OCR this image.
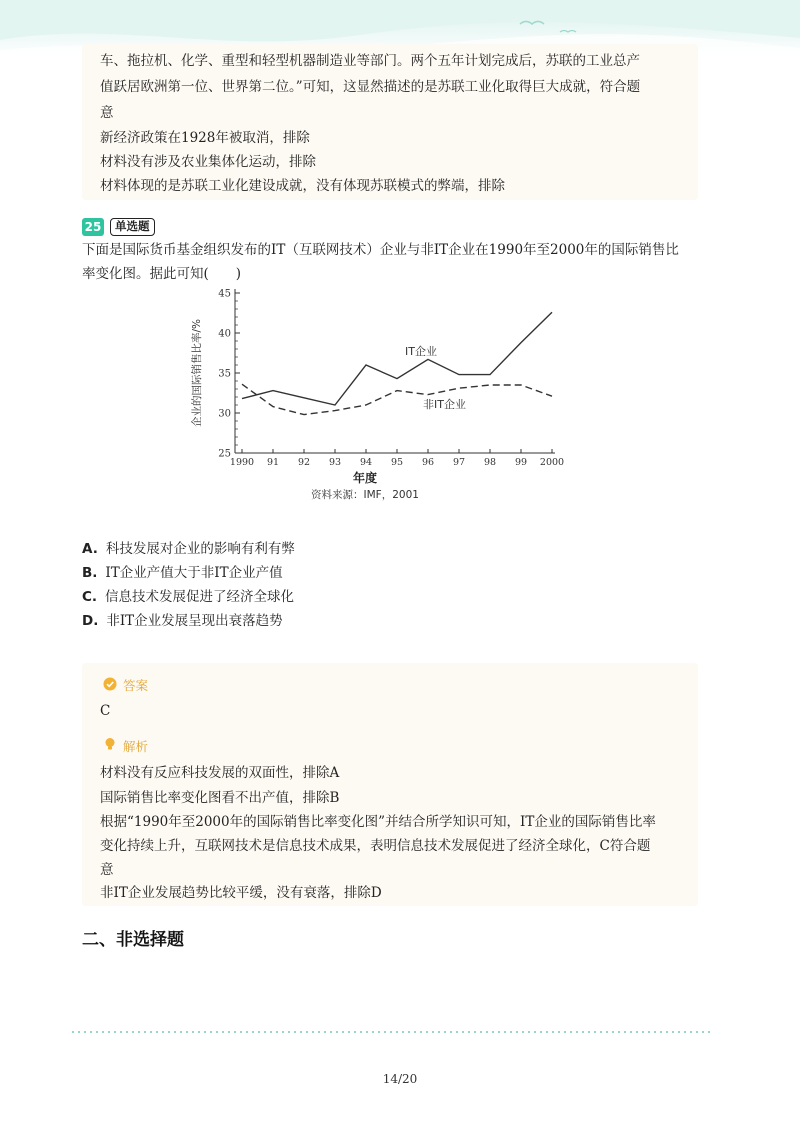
车、拖拉机、化学、重型和轻型机器制造业等部门。两个五年计划完成后，苏联的工业总产
值跃居欧洲第一位、世界第二位。”可知，这显然描述的是苏联工业化取得巨大成就，符合题
意
新经济政策在1928年被取消，排除
材料没有涉及农业集体化运动，排除
材料体现的是苏联工业化建设成就，没有体现苏联模式的弊端，排除
25	单选题
下面是国际货币基金组织发布的IT（互联网技术）企业与非IT企业在1990年至2000年的国际销售比
率变化图。据此可知(　　)
25
30
35
40
45
1990 91 92 93 94 95 96 97 98 99 2000
IT企业
非IT企业
企业的国际销售比率/%
年度
资料来源：IMF，2001
A. 科技发展对企业的影响有利有弊
B. IT企业产值大于非IT企业产值
C. 信息技术发展促进了经济全球化
D. 非IT企业发展呈现出衰落趋势
答案
C
解析
材料没有反应科技发展的双面性，排除A
国际销售比率变化图看不出产值，排除B
根据“1990年至2000年的国际销售比率变化图”并结合所学知识可知，IT企业的国际销售比率
变化持续上升，互联网技术是信息技术成果，表明信息技术发展促进了经济全球化，C符合题
意
非IT企业发展趋势比较平缓，没有衰落，排除D
二、非选择题
14/20
